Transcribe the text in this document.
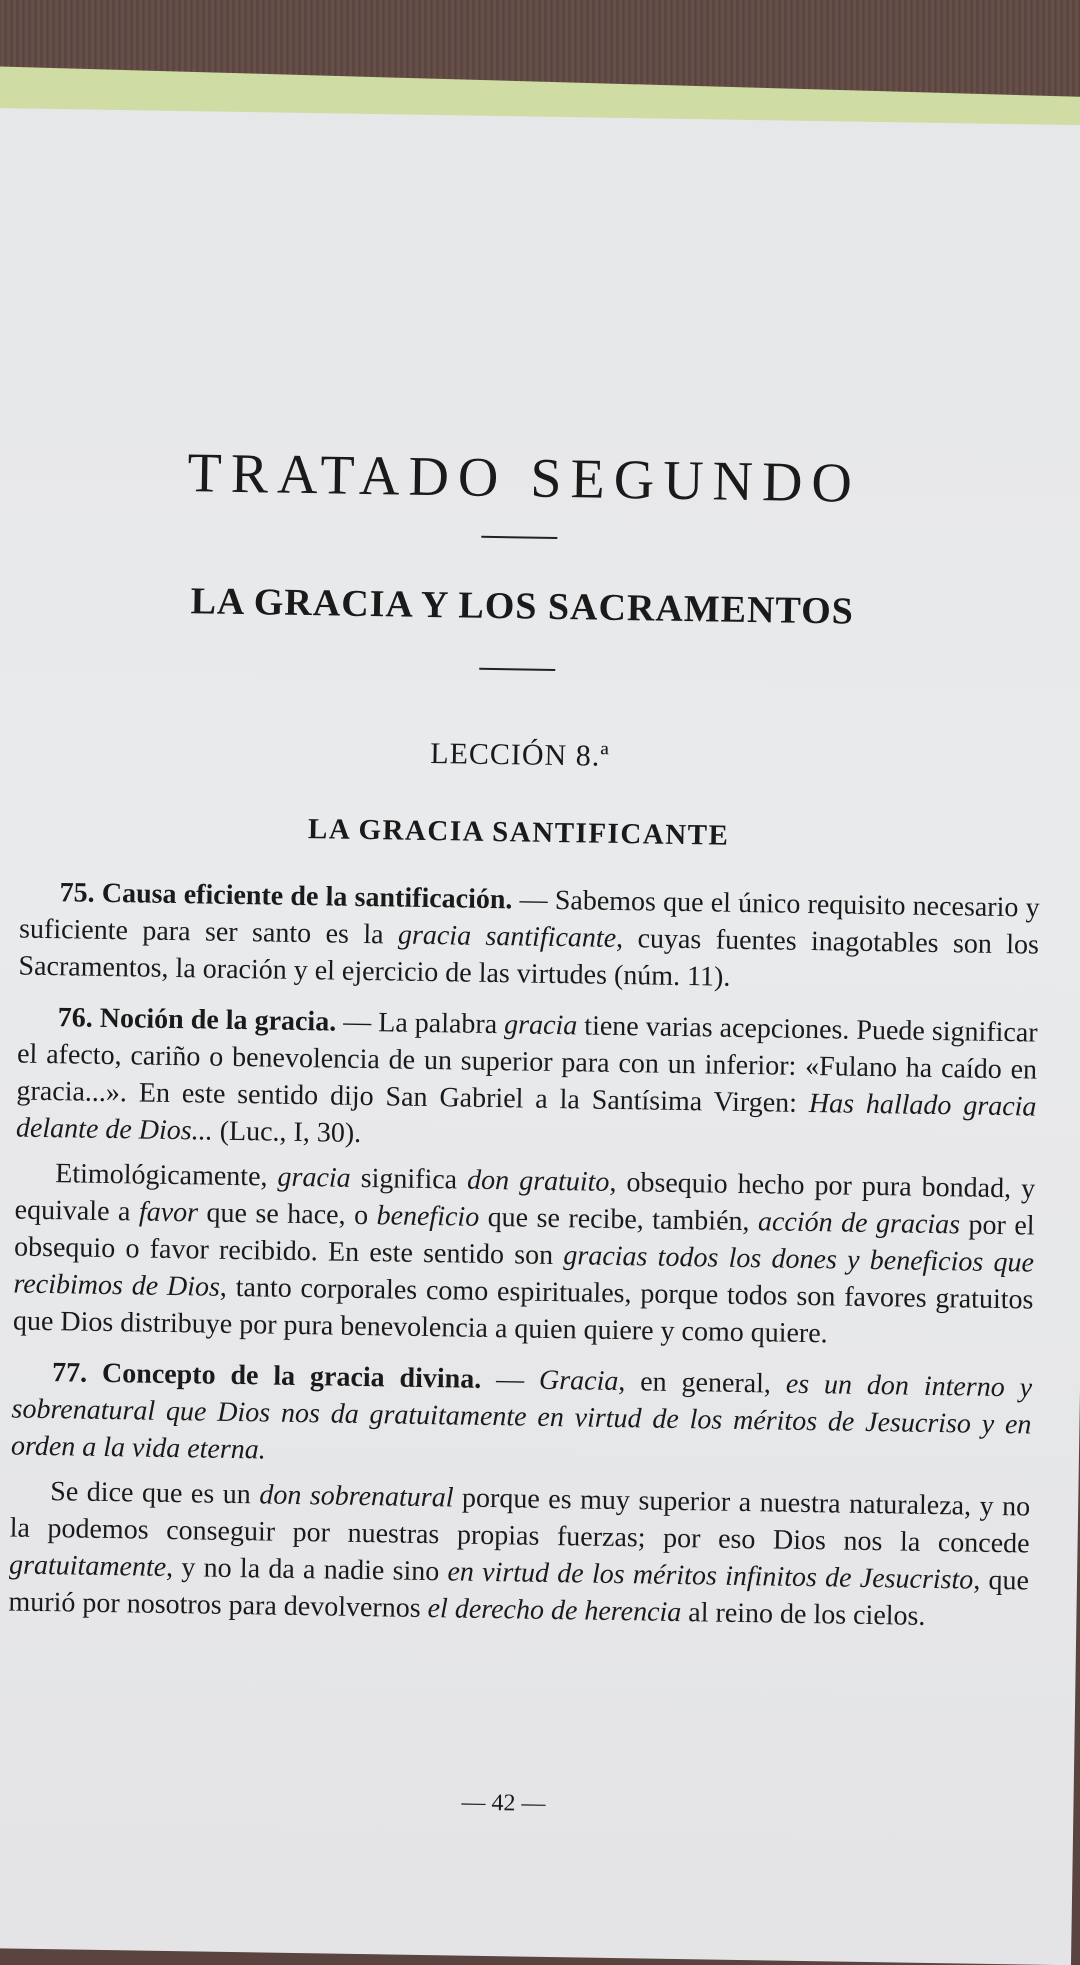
TRATADO SEGUNDO
LA GRACIA Y LOS SACRAMENTOS
LECCIÓN 8.ª
LA GRACIA SANTIFICANTE

75. Causa eficiente de la santificación. — Sabemos que el único requisito necesario y suficiente para ser santo es la gracia santificante, cuyas fuentes inagotables son los Sacramentos, la oración y el ejercicio de las virtudes (núm. 11).

76. Noción de la gracia. — La palabra gracia tiene varias acepciones. Puede significar el afecto, cariño o benevolencia de un superior para con un inferior: «Fulano ha caído en gracia...». En este sentido dijo San Gabriel a la Santísima Virgen: Has hallado gracia delante de Dios... (Luc., I, 30).

Etimológicamente, gracia significa don gratuito, obsequio hecho por pura bondad, y equivale a favor que se hace, o beneficio que se recibe, también, acción de gracias por el obsequio o favor recibido. En este sentido son gracias todos los dones y beneficios que recibimos de Dios, tanto corporales como espirituales, porque todos son favores gratuitos que Dios distribuye por pura benevolencia a quien quiere y como quiere.

77. Concepto de la gracia divina. — Gracia, en general, es un don interno y sobrenatural que Dios nos da gratuitamente en virtud de los méritos de Jesucriso y en orden a la vida eterna.

Se dice que es un don sobrenatural porque es muy superior a nuestra naturaleza, y no la podemos conseguir por nuestras propias fuerzas; por eso Dios nos la concede gratuitamente, y no la da a nadie sino en virtud de los méritos infinitos de Jesucristo, que murió por nosotros para devolvernos el derecho de herencia al reino de los cielos.

— 42 —
